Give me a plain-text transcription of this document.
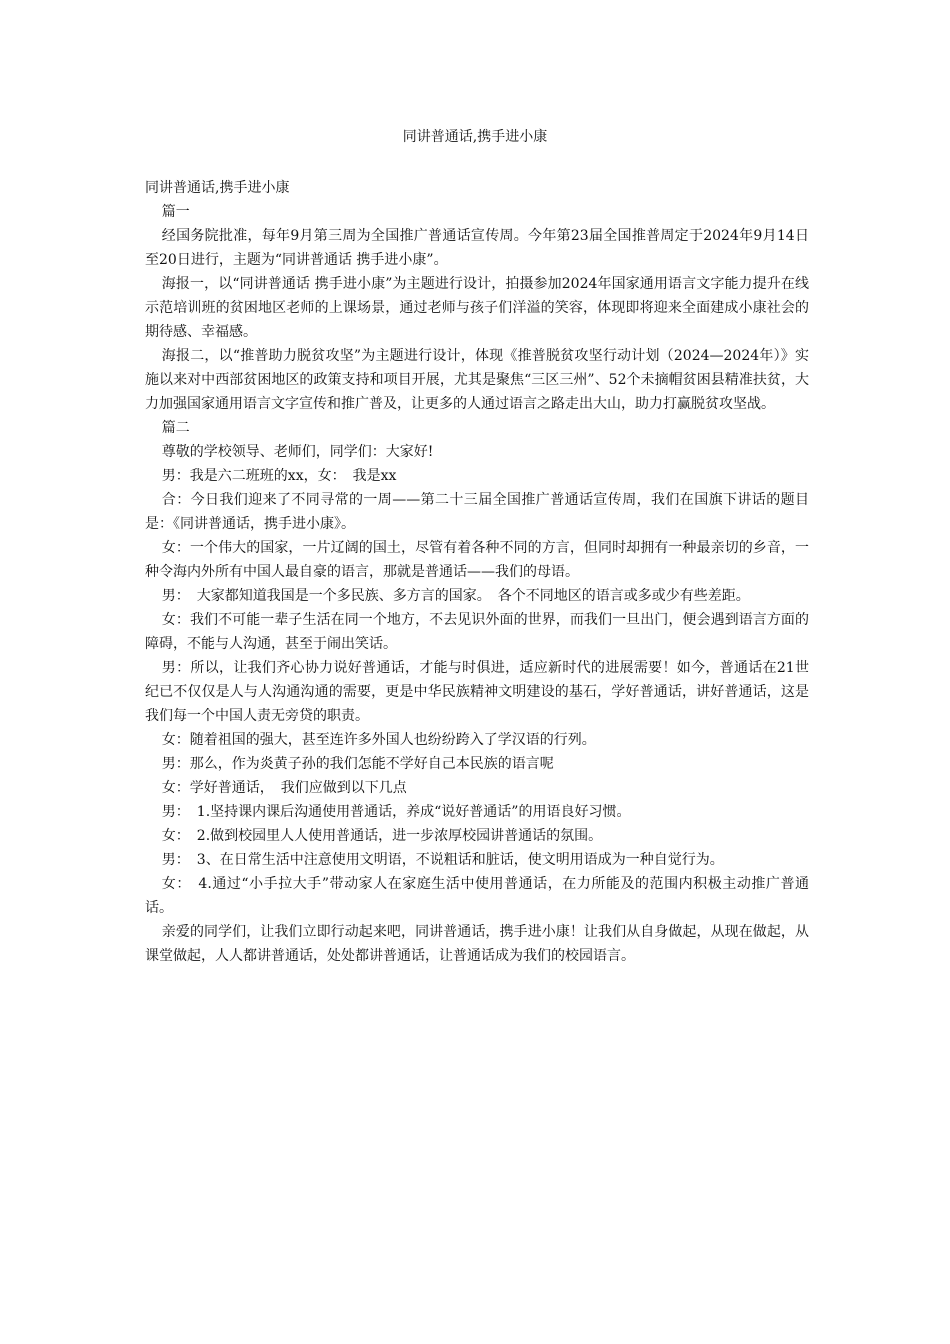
同讲普通话,携手进小康

同讲普通话,携手进小康

篇一

经国务院批准，每年9月第三周为全国推广普通话宣传周。今年第23届全国推普周定于2024年9月14日至20日进行，主题为“同讲普通话 携手进小康”。

海报一，以“同讲普通话 携手进小康”为主题进行设计，拍摄参加2024年国家通用语言文字能力提升在线示范培训班的贫困地区老师的上课场景，通过老师与孩子们洋溢的笑容，体现即将迎来全面建成小康社会的期待感、幸福感。

海报二，以“推普助力脱贫攻坚”为主题进行设计，体现《推普脱贫攻坚行动计划（2024—2024年）》实施以来对中西部贫困地区的政策支持和项目开展，尤其是聚焦“三区三州”、52个未摘帽贫困县精准扶贫，大力加强国家通用语言文字宣传和推广普及，让更多的人通过语言之路走出大山，助力打赢脱贫攻坚战。

篇二

尊敬的学校领导、老师们，同学们：大家好!

男：我是六二班班的xx，女：　我是xx

合：今日我们迎来了不同寻常的一周——第二十三届全国推广普通话宣传周，我们在国旗下讲话的题目是：《同讲普通话，携手进小康》。

女：一个伟大的国家，一片辽阔的国土，尽管有着各种不同的方言，但同时却拥有一种最亲切的乡音，一种令海内外所有中国人最自豪的语言，那就是普通话——我们的母语。

男：　大家都知道我国是一个多民族、多方言的国家。　各个不同地区的语言或多或少有些差距。

女：我们不可能一辈子生活在同一个地方，不去见识外面的世界，而我们一旦出门，便会遇到语言方面的障碍，不能与人沟通，甚至于闹出笑话。

男：所以，让我们齐心协力说好普通话，才能与时俱进，适应新时代的进展需要！如今，普通话在21世纪已不仅仅是人与人沟通沟通的需要，更是中华民族精神文明建设的基石，学好普通话，讲好普通话，这是我们每一个中国人责无旁贷的职责。

女：随着祖国的强大，甚至连许多外国人也纷纷跨入了学汉语的行列。

男：那么，作为炎黄子孙的我们怎能不学好自己本民族的语言呢

女：学好普通话，　我们应做到以下几点

男：　1.坚持课内课后沟通使用普通话，养成“说好普通话”的用语良好习惯。

女：　2.做到校园里人人使用普通话，进一步浓厚校园讲普通话的氛围。

男：　3、在日常生活中注意使用文明语，不说粗话和脏话，使文明用语成为一种自觉行为。

女：　4.通过“小手拉大手”带动家人在家庭生活中使用普通话，在力所能及的范围内积极主动推广普通话。

亲爱的同学们，让我们立即行动起来吧，同讲普通话，携手进小康！让我们从自身做起，从现在做起，从课堂做起，人人都讲普通话，处处都讲普通话，让普通话成为我们的校园语言。
